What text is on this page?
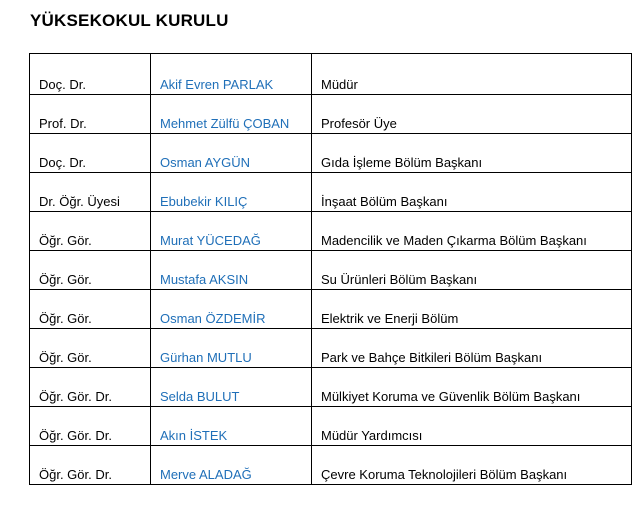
YÜKSEKOKUL KURULU
Doç. Dr.	Akif Evren PARLAK	Müdür
Prof. Dr.	Mehmet Zülfü ÇOBAN	Profesör Üye
Doç. Dr.	Osman AYGÜN	Gıda İşleme Bölüm Başkanı
Dr. Öğr. Üyesi	Ebubekir KILIÇ	İnşaat Bölüm Başkanı
Öğr. Gör.	Murat YÜCEDAĞ	Madencilik ve Maden Çıkarma Bölüm Başkanı
Öğr. Gör.	Mustafa AKSIN	Su Ürünleri Bölüm Başkanı
Öğr. Gör.	Osman ÖZDEMİR	Elektrik ve Enerji Bölüm
Öğr. Gör.	Gürhan MUTLU	Park ve Bahçe Bitkileri Bölüm Başkanı
Öğr. Gör. Dr.	Selda BULUT	Mülkiyet Koruma ve Güvenlik Bölüm Başkanı
Öğr. Gör. Dr.	Akın İSTEK	Müdür Yardımcısı
Öğr. Gör. Dr.	Merve ALADAĞ	Çevre Koruma Teknolojileri Bölüm Başkanı
